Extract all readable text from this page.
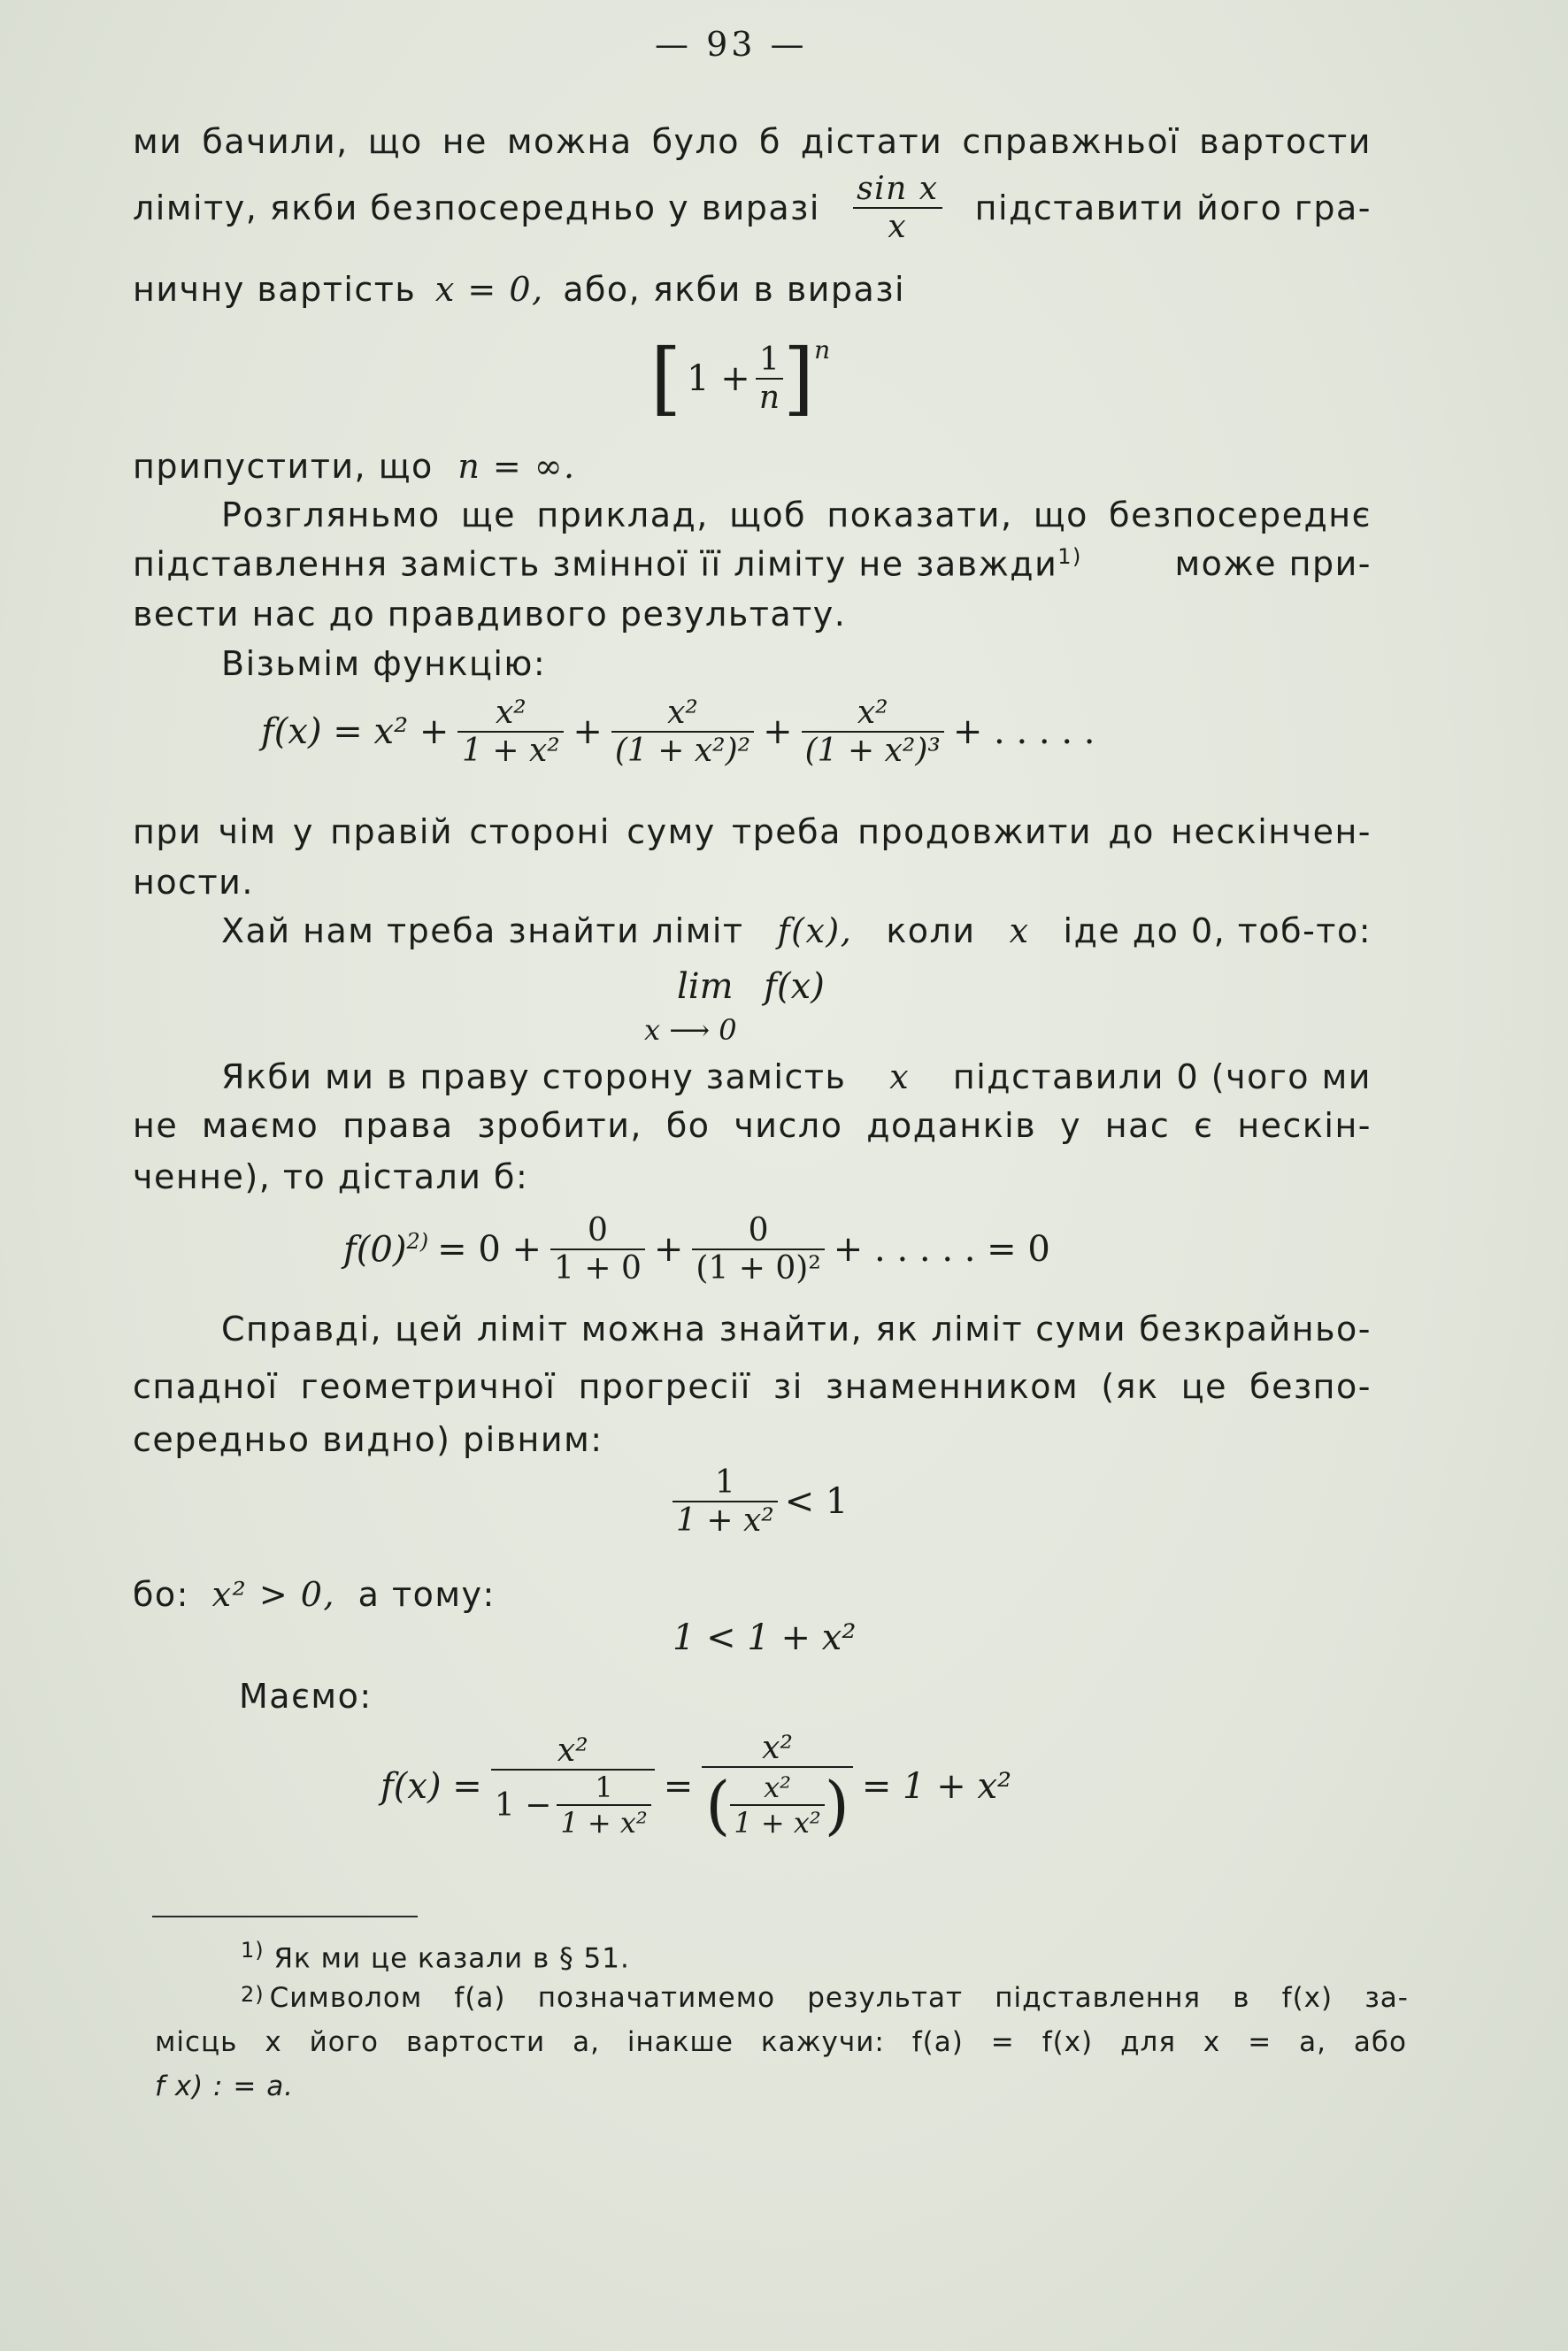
— 93 —
ми бачили, що не можна було б дістати справжньої вартости
ліміту, якби безпосередньо у виразі $\frac{\text{sin x}}{x}$ підставити його гра-
ничну вартість x = 0, або, якби в виразі
[ $1 + \frac{1}{n}$ ] n
припустити, що n = ∞.
Розгляньмо ще приклад, щоб показати, що безпосереднє
підставлення замість змінної її ліміту не завжди$^{1)}$	може при-
вести нас до правдивого результату.
Візьмім функцію:
$f(x) = x^2 + \frac{\text{x²}}{\text{1 + x²}} + \frac{\text{x²}}{\text{(1 + x²)²}} + \frac{\text{x²}}{\text{(1 + x²)³}}$ + . . . . .
при чім у правій стороні суму треба продовжити до нескінчен-
ности.
Хай нам треба знайти ліміт f(x), коли x іде до 0, тоб-то:
lim f(x)
x ⟶ 0
Якби ми в праву сторону замість x підставили 0 (чого ми
не маємо права зробити, бо число доданків у нас є нескін-
ченне), то дістали б:
$f(0)^{2)} = 0 + \frac{0}{1 + 0} + \frac{0}{\text{(1 + 0)²}}$ + . . . . . = 0
Справді, цей ліміт можна знайти, як ліміт суми безкрайньо-
спадної геометричної прогресії зі знаменником (як це безпо-
середньо видно) рівним:
$\frac{1}{\text{1 + x²}} < 1$
бо: x² > 0, а тому:
1 < 1 + x²
Маємо:
$f(x) = \frac{\text{x²}}{1 - \frac{1}{\text{1 + x²}}} = \frac{\text{x²}}{( \frac{\text{x²}}{\text{1 + x²}} )} = 1 + x^2$
$^{1)}$ Як ми це казали в § 51.
2) Символом f(a) позначатимемо результат підставлення в f(x) за-
місць x його вартости a, інакше кажучи: f(a) = f(x) для x = a, або
f x) : = a.
